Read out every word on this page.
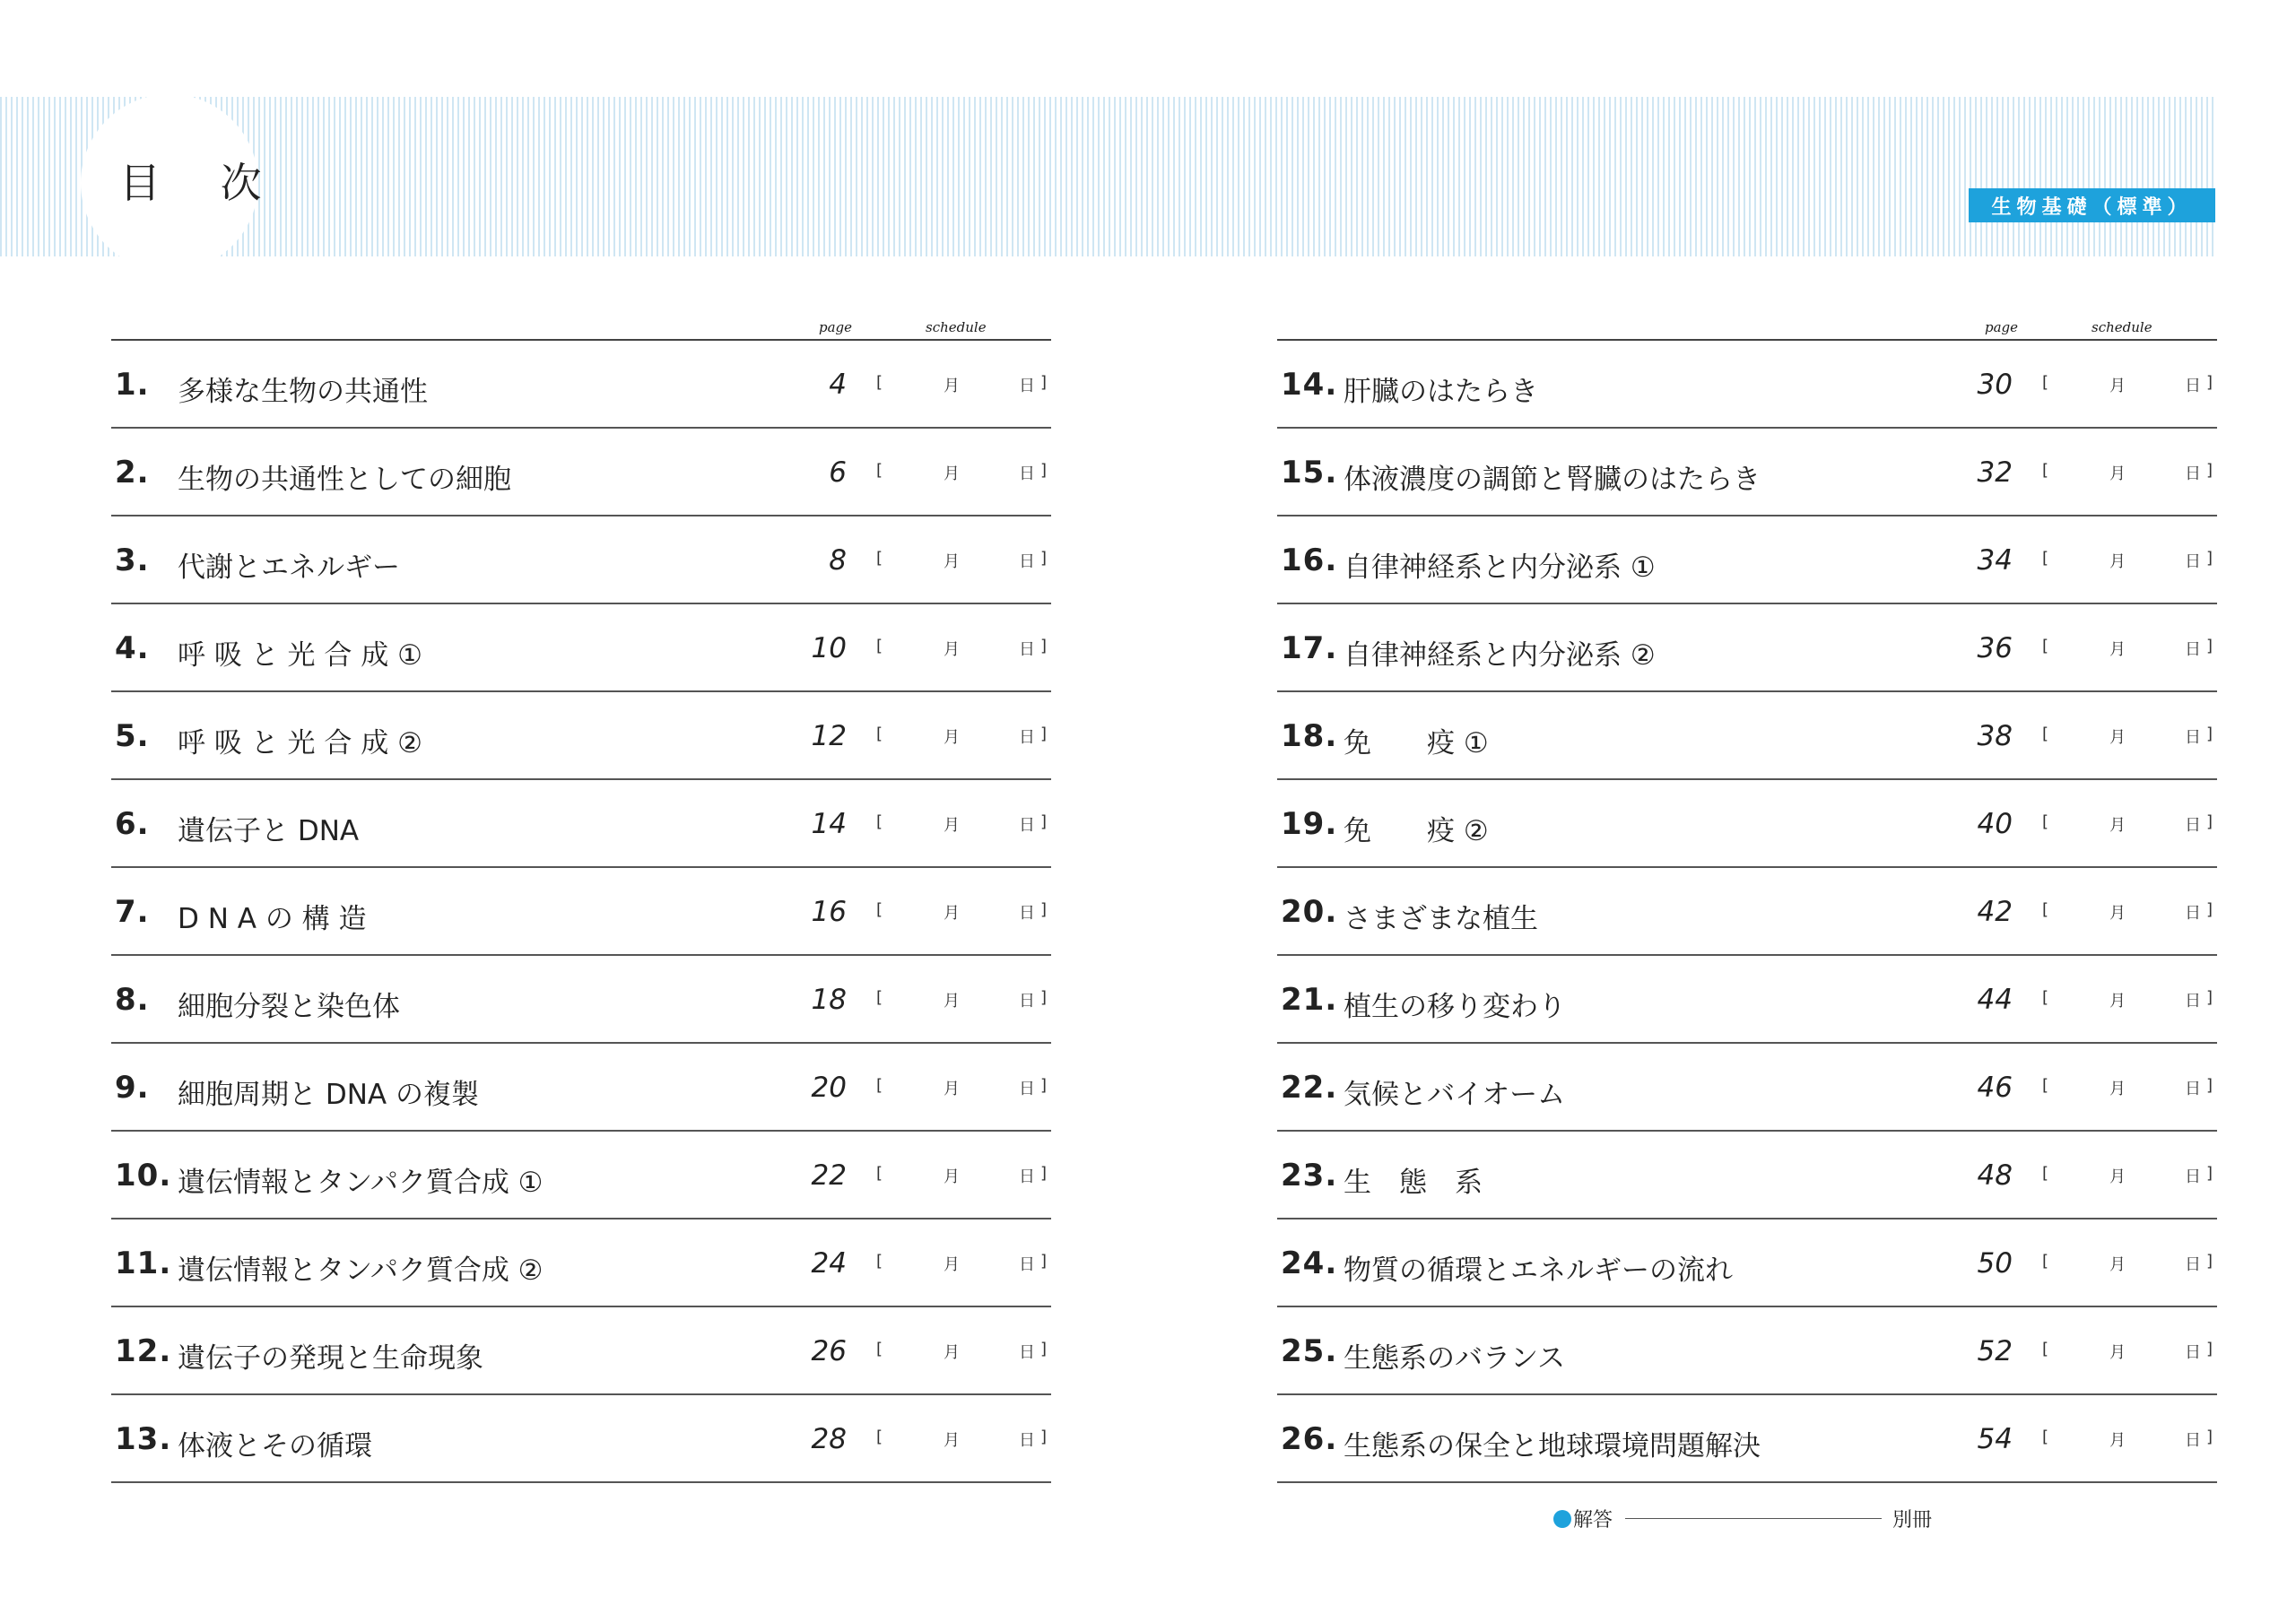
目 次	生物基礎（標準）
page	schedule
1. 多様な生物の共通性	4 [	月	日 ]
2. 生物の共通性としての細胞	6 [	月	日 ]
3. 代謝とエネルギー	8 [	月	日 ]
4. 呼 吸 と 光 合 成 ①	10 [	月	日 ]
5. 呼 吸 と 光 合 成 ②	12 [	月	日 ]
6. 遺伝子と DNA	14 [	月	日 ]
7. D N A の 構 造	16 [	月	日 ]
8. 細胞分裂と染色体	18 [	月	日 ]
9. 細胞周期と DNA の複製	20 [	月	日 ]
10. 遺伝情報とタンパク質合成 ①	22 [	月	日 ]
11. 遺伝情報とタンパク質合成 ②	24 [	月	日 ]
12. 遺伝子の発現と生命現象	26 [	月	日 ]
13. 体液とその循環	28 [	月	日 ]
page	schedule
14. 肝臓のはたらき	30 [	月	日 ]
15. 体液濃度の調節と腎臓のはたらき	32 [	月	日 ]
16. 自律神経系と内分泌系 ①	34 [	月	日 ]
17. 自律神経系と内分泌系 ②	36 [	月	日 ]
18. 免　　疫 ①	38 [	月	日 ]
19. 免　　疫 ②	40 [	月	日 ]
20. さまざまな植生	42 [	月	日 ]
21. 植生の移り変わり	44 [	月	日 ]
22. 気候とバイオーム	46 [	月	日 ]
23. 生　態　系	48 [	月	日 ]
24. 物質の循環とエネルギーの流れ	50 [	月	日 ]
25. 生態系のバランス	52 [	月	日 ]
26. 生態系の保全と地球環境問題解決	54 [	月	日 ]
解答	別冊
